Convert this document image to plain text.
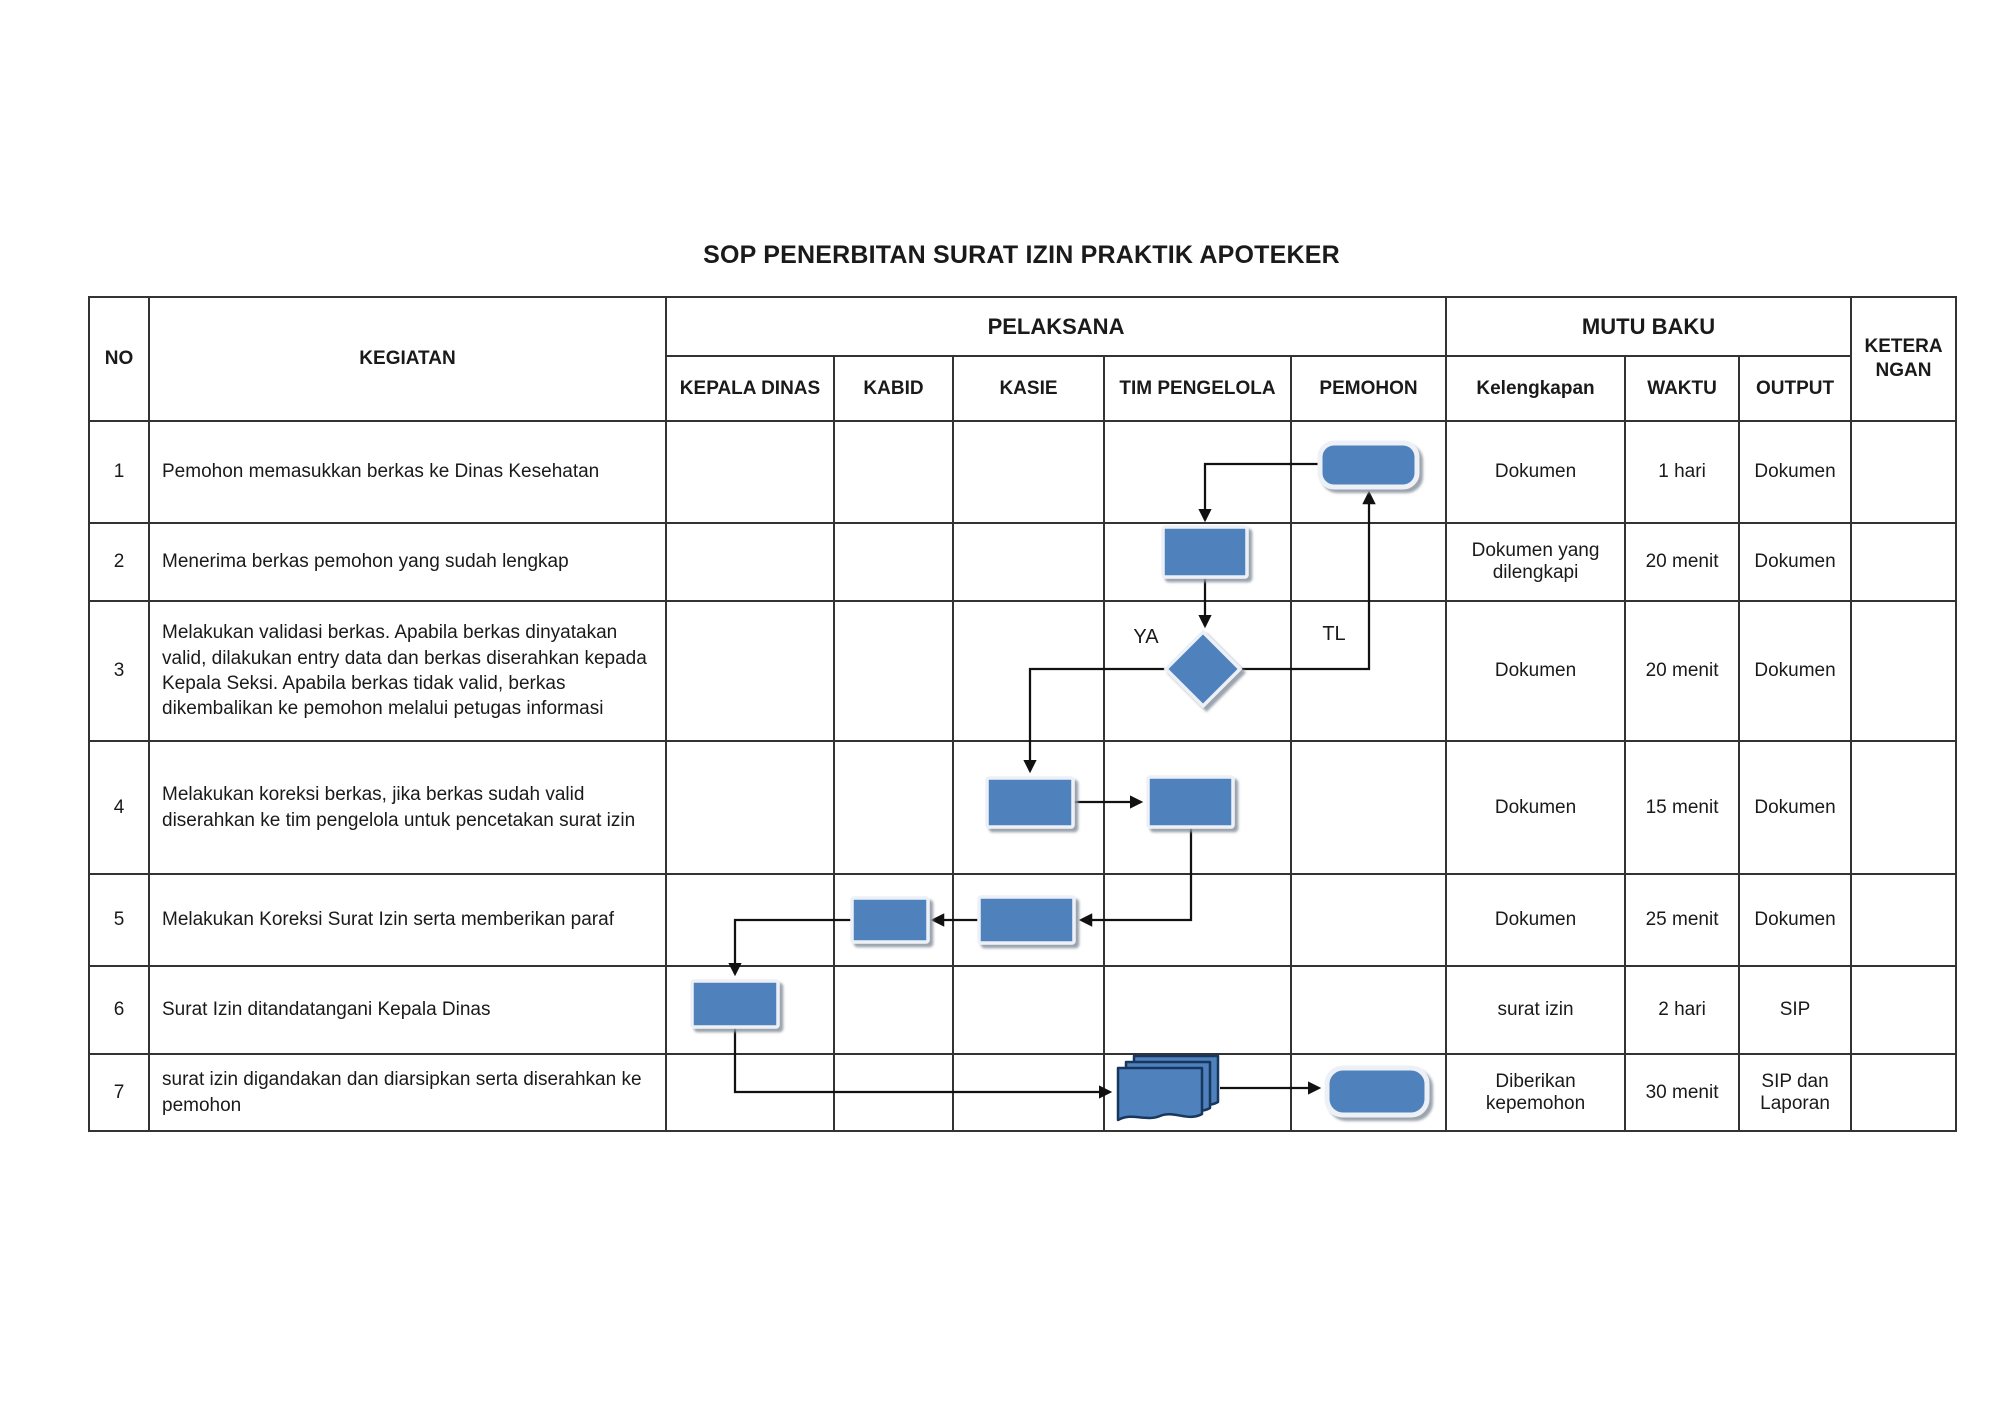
SOP PENERBITAN SURAT IZIN PRAKTIK APOTEKER
NO	KEGIATAN	PELAKSANA					MUTU BAKU			KETERA
NGAN

		KEPALA DINAS	KABID	KASIE	TIM PENGELOLA	PEMOHON	Kelengkapan	WAKTU	OUTPUT	
1	Pemohon memasukkan berkas ke Dinas Kesehatan						Dokumen	1 hari	Dokumen	
2	Menerima berkas pemohon yang sudah lengkap						Dokumen yang dilengkapi	20 menit	Dokumen	
3	Melakukan validasi berkas. Apabila berkas dinyatakan valid, dilakukan entry data dan berkas diserahkan kepada Kepala Seksi. Apabila berkas tidak valid, berkas dikembalikan ke pemohon melalui petugas informasi						Dokumen	20 menit	Dokumen	
4	Melakukan koreksi berkas, jika berkas sudah valid diserahkan ke tim pengelola untuk pencetakan surat izin						Dokumen	15 menit	Dokumen	
5	Melakukan Koreksi Surat Izin serta memberikan paraf						Dokumen	25 menit	Dokumen	
6	Surat Izin ditandatangani Kepala Dinas						surat izin	2 hari	SIP	
7	surat izin digandakan dan diarsipkan serta diserahkan ke pemohon						Diberikan kepemohon	30 menit	SIP dan Laporan	
YA	TL
